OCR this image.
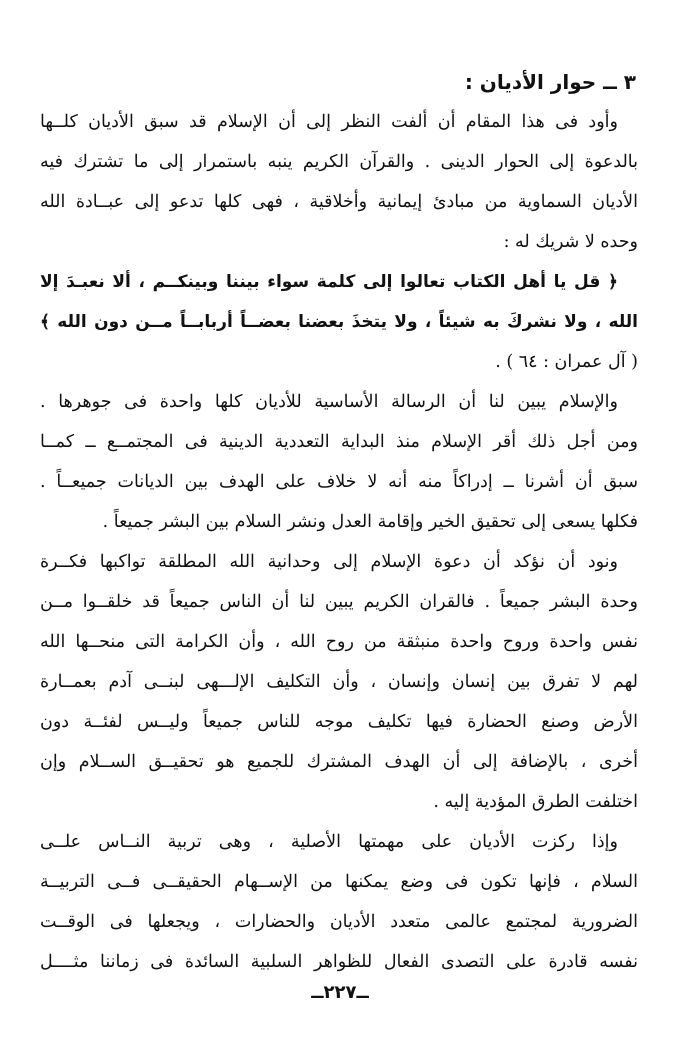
٣ ــ حوار الأديان :
وأود فى هذا المقام أن ألفت النظر إلى أن الإسلام قد سبق الأديان كلــها
بالدعوة إلى الحوار الدينى . والقرآن الكريم ينبه باستمرار إلى ما تشترك فيه
الأديان السماوية من مبادئ إيمانية وأخلاقية ، فهى كلها تدعو إلى عبــادة الله
وحده لا شريك له :
﴿ قل يا أهل الكتاب تعالوا إلى كلمة سواء بيننا وبينكــم ، ألا نعبـدَ إلا
الله ، ولا نشركَ به شيئاً ، ولا يتخذَ بعضنا بعضــاً أربابــاً مــن دون الله ﴾
( آل عمران : ٦٤ ) .
والإسلام يبين لنا أن الرسالة الأساسية للأديان كلها واحدة فى جوهرها .
ومن أجل ذلك أقر الإسلام منذ البداية التعددية الدينية فى المجتمــع ــ كمــا
سبق أن أشرنا ــ إدراكاً منه أنه لا خلاف على الهدف بين الديانات جميعــاً .
فكلها يسعى إلى تحقيق الخير وإقامة العدل ونشر السلام بين البشر جميعاً .
ونود أن نؤكد أن دعوة الإسلام إلى وحدانية الله المطلقة تواكبها فكــرة
وحدة البشر جميعاً . فالقران الكريم يبين لنا أن الناس جميعاً قد خلقــوا مــن
نفس واحدة وروح واحدة منبثقة من روح الله ، وأن الكرامة التى منحــها الله
لهم لا تفرق بين إنسان وإنسان ، وأن التكليف الإلـــهى لبنــى آدم بعمــارة
الأرض وصنع الحضارة فيها تكليف موجه للناس جميعاً وليــس لفئــة دون
أخرى ، بالإضافة إلى أن الهدف المشترك للجميع هو تحقيــق الســلام وإن
اختلفت الطرق المؤدية إليه .
وإذا ركزت الأديان على مهمتها الأصلية ، وهى تربية النــاس علــى
السلام ، فإنها تكون فى وضع يمكنها من الإســهام الحقيقــى فــى التربيــة
الضرورية لمجتمع عالمى متعدد الأديان والحضارات ، ويجعلها فى الوقــت
نفسه قادرة على التصدى الفعال للظواهر السلبية السائدة فى زماننا مثــــل
ــ٢٢٧ــ
